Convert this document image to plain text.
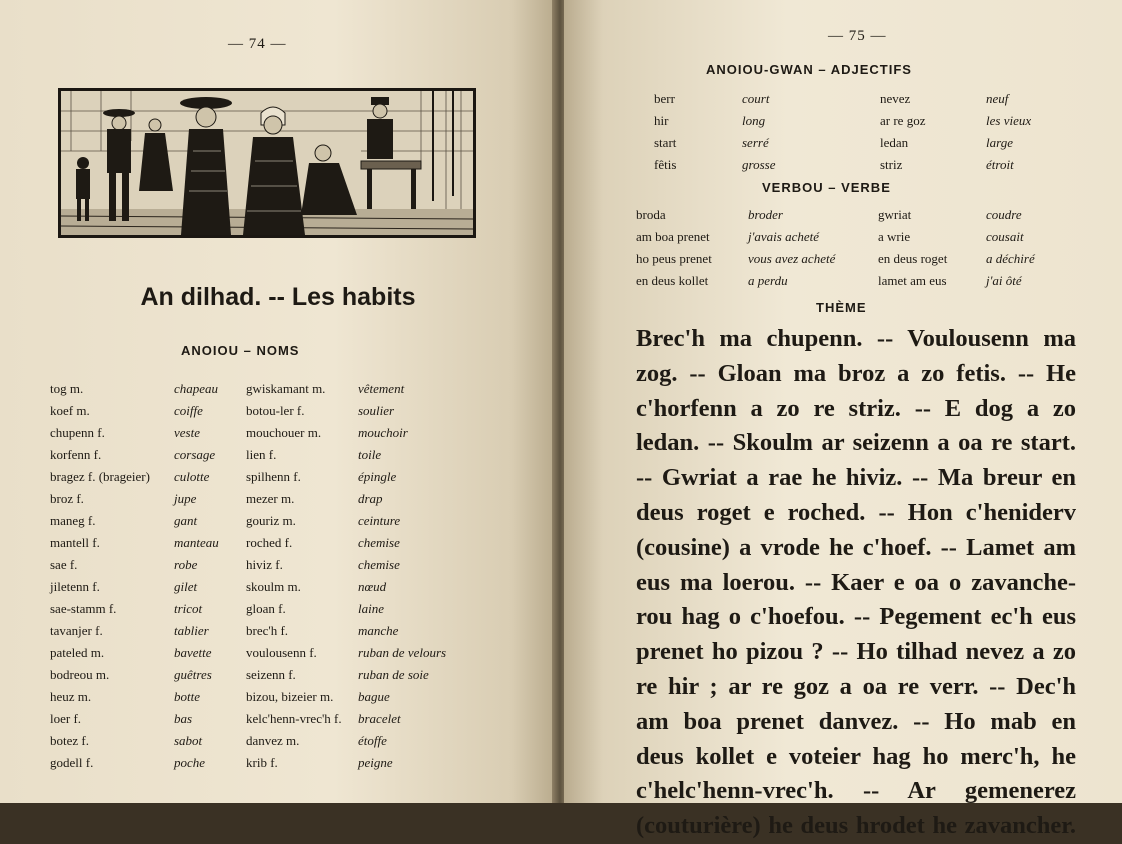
— 74 —
An dilhad. -- Les habits
ANOIOU – NOMS
tog m.	chapeau	gwiskamant m.	vêtement
koef m.	coiffe	botou-ler f.	soulier
chupenn f.	veste	mouchouer m.	mouchoir
korfenn f.	corsage	lien f.	toile
bragez f. (brageier)	culotte	spilhenn f.	épingle
broz f.	jupe	mezer m.	drap
maneg f.	gant	gouriz m.	ceinture
mantell f.	manteau	roched f.	chemise
sae f.	robe	hiviz f.	chemise
jiletenn f.	gilet	skoulm m.	nœud
sae-stamm f.	tricot	gloan f.	laine
tavanjer f.	tablier	brec'h f.	manche
pateled m.	bavette	voulousenn f.	ruban de velours
bodreou m.	guêtres	seizenn f.	ruban de soie
heuz m.	botte	bizou, bizeier m.	bague
loer f.	bas	kelc'henn-vrec'h f.	bracelet
botez f.	sabot	danvez m.	étoffe
godell f.	poche	krib f.	peigne
— 75 —
ANOIOU-GWAN – ADJECTIFS
VERBOU – VERBE
THÈME
berr	court	nevez	neuf
hir	long	ar re goz	les vieux
start	serré	ledan	large
fêtis	grosse	striz	étroit
broda	broder	gwriat	coudre
am boa prenet	j'avais acheté	a wrie	cousait
ho peus prenet	vous avez acheté	en deus roget	a déchiré
en deus kollet	a perdu	lamet am eus	j'ai ôté
Brec'h ma chupenn. -- Voulousenn ma
zog. -- Gloan ma broz a zo fetis. -- He
c'horfenn a zo re striz. -- E dog a zo
ledan. -- Skoulm ar seizenn a oa re start.
-- Gwriat a rae he hiviz. -- Ma breur en
deus roget e roched. -- Hon c'heniderv
(cousine) a vrode he c'hoef. -- Lamet am
eus ma loerou. -- Kaer e oa o zavanche-
rou hag o c'hoefou. -- Pegement ec'h eus
prenet ho pizou ? -- Ho tilhad nevez a zo
re hir ; ar re goz a oa re verr. -- Dec'h
am boa prenet danvez. -- Ho mab en
deus kollet e voteier hag ho merc'h, he
c'helc'henn-vrec'h. -- Ar gemenerez
(couturière) he deus hrodet he zavancher.
